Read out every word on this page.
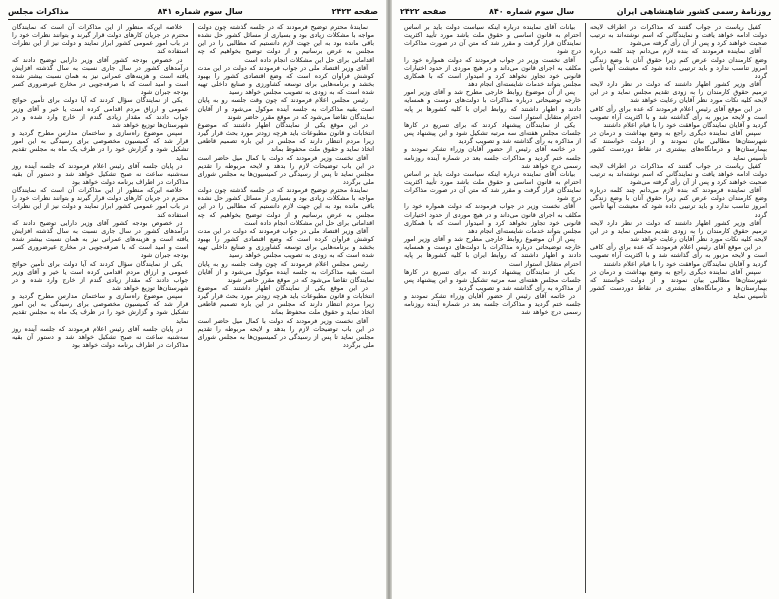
صفحه ۲۴۲۳
سال سوم شماره ۸۴۱
مذاکرات مجلس

نمایندهٔ محترم توضیح فرمودند که در جلسه گذشته چون دولت مواجه با مشکلات زیادی بود و بسیاری از مسائل کشور حل نشده باقی مانده بود به این جهت لازم دانستیم که مطالبی را در این مجلس به عرض برسانیم و از دولت توضیح بخواهیم که چه اقداماتی برای حل این مشکلات انجام داده است

آقای وزیر اقتصاد ملی در جواب فرمودند که دولت در این مدت کوشش فراوان کرده است که وضع اقتصادی کشور را بهبود بخشد و برنامه‌هایی برای توسعه کشاورزی و صنایع داخلی تهیه شده است که به زودی به تصویب مجلس خواهد رسید

رئیس مجلس اعلام فرمودند که چون وقت جلسه رو به پایان است بقیه مذاکرات به جلسه آینده موکول می‌شود و از آقایان نمایندگان تقاضا می‌شود که در موقع مقرر حاضر شوند

در این موقع یکی از نمایندگان اظهار داشتند که موضوع انتخابات و قانون مطبوعات باید هرچه زودتر مورد بحث قرار گیرد زیرا مردم انتظار دارند که مجلس در این باره تصمیم قاطعی اتخاذ نماید و حقوق ملت محفوظ بماند

آقای نخست وزیر فرمودند که دولت با کمال میل حاضر است در این باب توضیحات لازم را بدهد و لایحه مربوطه را تقدیم مجلس نماید تا پس از رسیدگی در کمیسیون‌ها به مجلس شورای ملی برگردد

نمایندهٔ محترم توضیح فرمودند که در جلسه گذشته چون دولت مواجه با مشکلات زیادی بود و بسیاری از مسائل کشور حل نشده باقی مانده بود به این جهت لازم دانستیم که مطالبی را در این مجلس به عرض برسانیم و از دولت توضیح بخواهیم که چه اقداماتی برای حل این مشکلات انجام داده است

آقای وزیر اقتصاد ملی در جواب فرمودند که دولت در این مدت کوشش فراوان کرده است که وضع اقتصادی کشور را بهبود بخشد و برنامه‌هایی برای توسعه کشاورزی و صنایع داخلی تهیه شده است که به زودی به تصویب مجلس خواهد رسید

رئیس مجلس اعلام فرمودند که چون وقت جلسه رو به پایان است بقیه مذاکرات به جلسه آینده موکول می‌شود و از آقایان نمایندگان تقاضا می‌شود که در موقع مقرر حاضر شوند

در این موقع یکی از نمایندگان اظهار داشتند که موضوع انتخابات و قانون مطبوعات باید هرچه زودتر مورد بحث قرار گیرد زیرا مردم انتظار دارند که مجلس در این باره تصمیم قاطعی اتخاذ نماید و حقوق ملت محفوظ بماند

آقای نخست وزیر فرمودند که دولت با کمال میل حاضر است در این باب توضیحات لازم را بدهد و لایحه مربوطه را تقدیم مجلس نماید تا پس از رسیدگی در کمیسیون‌ها به مجلس شورای ملی برگردد

خلاصه این‌که منظور از این مذاکرات آن است که نمایندگان محترم در جریان کارهای دولت قرار گیرند و بتوانند نظرات خود را در باب امور عمومی کشور ابراز نمایند و دولت نیز از این نظرات استفاده کند

در خصوص بودجه کشور آقای وزیر دارایی توضیح دادند که درآمدهای کشور در سال جاری نسبت به سال گذشته افزایش یافته است و هزینه‌های عمرانی نیز به همان نسبت بیشتر شده است و امید است که با صرفه‌جویی در مخارج غیرضروری کسر بودجه جبران شود

یکی از نمایندگان سؤال کردند که آیا دولت برای تأمین حوائج عمومی و ارزاق مردم اقدامی کرده است یا خیر و آقای وزیر جواب دادند که مقدار زیادی گندم از خارج وارد شده و در شهرستان‌ها توزیع خواهد شد

سپس موضوع راه‌سازی و ساختمان مدارس مطرح گردید و قرار شد که کمیسیون مخصوصی برای رسیدگی به این امور تشکیل شود و گزارش خود را در ظرف یک ماه به مجلس تقدیم نماید

در پایان جلسه آقای رئیس اعلام فرمودند که جلسه آینده روز سه‌شنبه ساعت نه صبح تشکیل خواهد شد و دستور آن بقیه مذاکرات در اطراف برنامه دولت خواهد بود

خلاصه این‌که منظور از این مذاکرات آن است که نمایندگان محترم در جریان کارهای دولت قرار گیرند و بتوانند نظرات خود را در باب امور عمومی کشور ابراز نمایند و دولت نیز از این نظرات استفاده کند

در خصوص بودجه کشور آقای وزیر دارایی توضیح دادند که درآمدهای کشور در سال جاری نسبت به سال گذشته افزایش یافته است و هزینه‌های عمرانی نیز به همان نسبت بیشتر شده است و امید است که با صرفه‌جویی در مخارج غیرضروری کسر بودجه جبران شود

یکی از نمایندگان سؤال کردند که آیا دولت برای تأمین حوائج عمومی و ارزاق مردم اقدامی کرده است یا خیر و آقای وزیر جواب دادند که مقدار زیادی گندم از خارج وارد شده و در شهرستان‌ها توزیع خواهد شد

سپس موضوع راه‌سازی و ساختمان مدارس مطرح گردید و قرار شد که کمیسیون مخصوصی برای رسیدگی به این امور تشکیل شود و گزارش خود را در ظرف یک ماه به مجلس تقدیم نماید

در پایان جلسه آقای رئیس اعلام فرمودند که جلسه آینده روز سه‌شنبه ساعت نه صبح تشکیل خواهد شد و دستور آن بقیه مذاکرات در اطراف برنامه دولت خواهد بود

روزنامهٔ رسمی کشور شاهنشاهی ایران
سال سوم شماره ۸۴۰
صفحه ۲۴۲۲

کفیل ریاست در جواب گفتند که مذاکرات در اطراف لایحه دولت ادامه خواهد یافت و نمایندگانی که اسم نوشته‌اند به ترتیب صحبت خواهند کرد و پس از آن رأی گرفته می‌شود

آقای نماینده فرمودند که بنده لازم می‌دانم چند کلمه درباره وضع کارمندان دولت عرض کنم زیرا حقوق آنان با وضع زندگی امروز تناسب ندارد و باید ترتیبی داده شود که معیشت آنها تأمین گردد

آقای وزیر کشور اظهار داشتند که دولت در نظر دارد لایحه ترمیم حقوق کارمندان را به زودی تقدیم مجلس نماید و در این لایحه کلیه نکات مورد نظر آقایان رعایت خواهد شد

در این موقع آقای رئیس اعلام فرمودند که عده برای رأی کافی است و لایحه مزبور به رأی گذاشته شد و با اکثریت آراء تصویب گردید و آقایان نمایندگان موافقت خود را با قیام اعلام داشتند

سپس آقای نماینده دیگری راجع به وضع بهداشت و درمان در شهرستان‌ها مطالبی بیان نمودند و از دولت خواستند که بیمارستان‌ها و درمانگاه‌های بیشتری در نقاط دوردست کشور تأسیس نماید

کفیل ریاست در جواب گفتند که مذاکرات در اطراف لایحه دولت ادامه خواهد یافت و نمایندگانی که اسم نوشته‌اند به ترتیب صحبت خواهند کرد و پس از آن رأی گرفته می‌شود

آقای نماینده فرمودند که بنده لازم می‌دانم چند کلمه درباره وضع کارمندان دولت عرض کنم زیرا حقوق آنان با وضع زندگی امروز تناسب ندارد و باید ترتیبی داده شود که معیشت آنها تأمین گردد

آقای وزیر کشور اظهار داشتند که دولت در نظر دارد لایحه ترمیم حقوق کارمندان را به زودی تقدیم مجلس نماید و در این لایحه کلیه نکات مورد نظر آقایان رعایت خواهد شد

در این موقع آقای رئیس اعلام فرمودند که عده برای رأی کافی است و لایحه مزبور به رأی گذاشته شد و با اکثریت آراء تصویب گردید و آقایان نمایندگان موافقت خود را با قیام اعلام داشتند

سپس آقای نماینده دیگری راجع به وضع بهداشت و درمان در شهرستان‌ها مطالبی بیان نمودند و از دولت خواستند که بیمارستان‌ها و درمانگاه‌های بیشتری در نقاط دوردست کشور تأسیس نماید

بیانات آقای نماینده درباره اینکه سیاست دولت باید بر اساس احترام به قانون اساسی و حقوق ملت باشد مورد تأیید اکثریت نمایندگان قرار گرفت و مقرر شد که متن آن در صورت مذاکرات درج شود

آقای نخست وزیر در جواب فرمودند که دولت همواره خود را مکلف به اجرای قانون می‌داند و در هیچ موردی از حدود اختیارات قانونی خود تجاوز نخواهد کرد و امیدوار است که با همکاری مجلس بتواند خدمات شایسته‌ای انجام دهد

پس از آن موضوع روابط خارجی مطرح شد و آقای وزیر امور خارجه توضیحاتی درباره مذاکرات با دولت‌های دوست و همسایه دادند و اظهار داشتند که روابط ایران با کلیه کشورها بر پایه احترام متقابل استوار است

یکی از نمایندگان پیشنهاد کردند که برای تسریع در کارها جلسات مجلس هفته‌ای سه مرتبه تشکیل شود و این پیشنهاد پس از مذاکره به رأی گذاشته شد و تصویب گردید

در خاتمه آقای رئیس از حضور آقایان وزراء تشکر نمودند و جلسه ختم گردید و مذاکرات جلسه بعد در شماره آینده روزنامه رسمی درج خواهد شد

بیانات آقای نماینده درباره اینکه سیاست دولت باید بر اساس احترام به قانون اساسی و حقوق ملت باشد مورد تأیید اکثریت نمایندگان قرار گرفت و مقرر شد که متن آن در صورت مذاکرات درج شود

آقای نخست وزیر در جواب فرمودند که دولت همواره خود را مکلف به اجرای قانون می‌داند و در هیچ موردی از حدود اختیارات قانونی خود تجاوز نخواهد کرد و امیدوار است که با همکاری مجلس بتواند خدمات شایسته‌ای انجام دهد

پس از آن موضوع روابط خارجی مطرح شد و آقای وزیر امور خارجه توضیحاتی درباره مذاکرات با دولت‌های دوست و همسایه دادند و اظهار داشتند که روابط ایران با کلیه کشورها بر پایه احترام متقابل استوار است

یکی از نمایندگان پیشنهاد کردند که برای تسریع در کارها جلسات مجلس هفته‌ای سه مرتبه تشکیل شود و این پیشنهاد پس از مذاکره به رأی گذاشته شد و تصویب گردید

در خاتمه آقای رئیس از حضور آقایان وزراء تشکر نمودند و جلسه ختم گردید و مذاکرات جلسه بعد در شماره آینده روزنامه رسمی درج خواهد شد
